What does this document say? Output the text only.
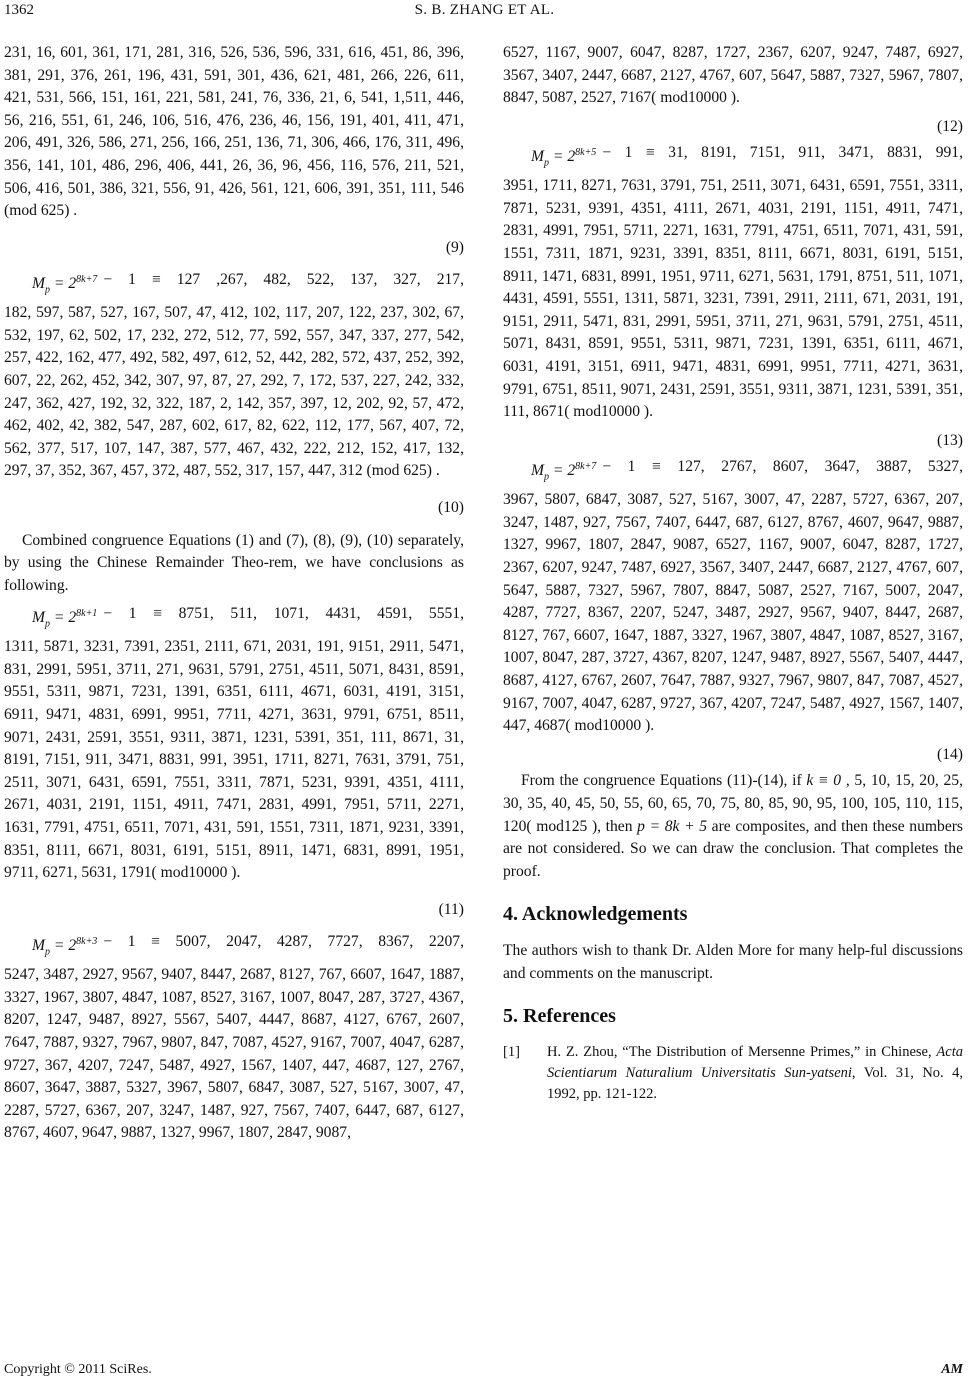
1362	S. B. ZHANG ET AL.

231, 16, 601, 361, 171, 281, 316, 526, 536, 596, 331, 616, 451, 86, 396, 381, 291, 376, 261, 196, 431, 591, 301, 436, 621, 481, 266, 226, 611, 421, 531, 566, 151, 161, 221, 581, 241, 76, 336, 21, 6, 541, 1,511, 446, 56, 216, 551, 61, 246, 106, 516, 476, 236, 46, 156, 191, 401, 411, 471, 206, 491, 326, 586, 271, 256, 166, 251, 136, 71, 306, 466, 176, 311, 496, 356, 141, 101, 486, 296, 406, 441, 26, 36, 96, 456, 116, 576, 211, 521, 506, 416, 501, 386, 321, 556, 91, 426, 561, 121, 606, 391, 351, 111, 546 (mod 625) .

(9)
$M_p = 2^{8k+7} - 1 \equiv 127$ ,267, 482, 522, 137, 327, 217,

182, 597, 587, 527, 167, 507, 47, 412, 102, 117, 207, 122, 237, 302, 67, 532, 197, 62, 502, 17, 232, 272, 512, 77, 592, 557, 347, 337, 277, 542, 257, 422, 162, 477, 492, 582, 497, 612, 52, 442, 282, 572, 437, 252, 392, 607, 22, 262, 452, 342, 307, 97, 87, 27, 292, 7, 172, 537, 227, 242, 332, 247, 362, 427, 192, 32, 322, 187, 2, 142, 357, 397, 12, 202, 92, 57, 472, 462, 402, 42, 382, 547, 287, 602, 617, 82, 622, 112, 177, 567, 407, 72, 562, 377, 517, 107, 147, 387, 577, 467, 432, 222, 212, 152, 417, 132, 297, 37, 352, 367, 457, 372, 487, 552, 317, 157, 447, 312 (mod 625) .

(10)

Combined congruence Equations (1) and (7), (8), (9), (10) separately, by using the Chinese Remainder Theo-rem, we have conclusions as following.

$M_p = 2^{8k+1} - 1 \equiv 8751$, 511, 1071, 4431, 4591, 5551,

1311, 5871, 3231, 7391, 2351, 2111, 671, 2031, 191, 9151, 2911, 5471, 831, 2991, 5951, 3711, 271, 9631, 5791, 2751, 4511, 5071, 8431, 8591, 9551, 5311, 9871, 7231, 1391, 6351, 6111, 4671, 6031, 4191, 3151, 6911, 9471, 4831, 6991, 9951, 7711, 4271, 3631, 9791, 6751, 8511, 9071, 2431, 2591, 3551, 9311, 3871, 1231, 5391, 351, 111, 8671, 31, 8191, 7151, 911, 3471, 8831, 991, 3951, 1711, 8271, 7631, 3791, 751, 2511, 3071, 6431, 6591, 7551, 3311, 7871, 5231, 9391, 4351, 4111, 2671, 4031, 2191, 1151, 4911, 7471, 2831, 4991, 7951, 5711, 2271, 1631, 7791, 4751, 6511, 7071, 431, 591, 1551, 7311, 1871, 9231, 3391, 8351, 8111, 6671, 8031, 6191, 5151, 8911, 1471, 6831, 8991, 1951, 9711, 6271, 5631, 1791( mod10000 ).

(11)
$M_p = 2^{8k+3} - 1 \equiv 5007$, 2047, 4287, 7727, 8367, 2207,

5247, 3487, 2927, 9567, 9407, 8447, 2687, 8127, 767, 6607, 1647, 1887, 3327, 1967, 3807, 4847, 1087, 8527, 3167, 1007, 8047, 287, 3727, 4367, 8207, 1247, 9487, 8927, 5567, 5407, 4447, 8687, 4127, 6767, 2607, 7647, 7887, 9327, 7967, 9807, 847, 7087, 4527, 9167, 7007, 4047, 6287, 9727, 367, 4207, 7247, 5487, 4927, 1567, 1407, 447, 4687, 127, 2767, 8607, 3647, 3887, 5327, 3967, 5807, 6847, 3087, 527, 5167, 3007, 47, 2287, 5727, 6367, 207, 3247, 1487, 927, 7567, 7407, 6447, 687, 6127, 8767, 4607, 9647, 9887, 1327, 9967, 1807, 2847, 9087,

6527, 1167, 9007, 6047, 8287, 1727, 2367, 6207, 9247, 7487, 6927, 3567, 3407, 2447, 6687, 2127, 4767, 607, 5647, 5887, 7327, 5967, 7807, 8847, 5087, 2527, 7167( mod10000 ).

(12)
$M_p = 2^{8k+5} - 1 \equiv 31$, 8191, 7151, 911, 3471, 8831, 991,

3951, 1711, 8271, 7631, 3791, 751, 2511, 3071, 6431, 6591, 7551, 3311, 7871, 5231, 9391, 4351, 4111, 2671, 4031, 2191, 1151, 4911, 7471, 2831, 4991, 7951, 5711, 2271, 1631, 7791, 4751, 6511, 7071, 431, 591, 1551, 7311, 1871, 9231, 3391, 8351, 8111, 6671, 8031, 6191, 5151, 8911, 1471, 6831, 8991, 1951, 9711, 6271, 5631, 1791, 8751, 511, 1071, 4431, 4591, 5551, 1311, 5871, 3231, 7391, 2911, 2111, 671, 2031, 191, 9151, 2911, 5471, 831, 2991, 5951, 3711, 271, 9631, 5791, 2751, 4511, 5071, 8431, 8591, 9551, 5311, 9871, 7231, 1391, 6351, 6111, 4671, 6031, 4191, 3151, 6911, 9471, 4831, 6991, 9951, 7711, 4271, 3631, 9791, 6751, 8511, 9071, 2431, 2591, 3551, 9311, 3871, 1231, 5391, 351, 111, 8671( mod10000 ).

(13)
$M_p = 2^{8k+7} - 1 \equiv 127$, 2767, 8607, 3647, 3887, 5327,

3967, 5807, 6847, 3087, 527, 5167, 3007, 47, 2287, 5727, 6367, 207, 3247, 1487, 927, 7567, 7407, 6447, 687, 6127, 8767, 4607, 9647, 9887, 1327, 9967, 1807, 2847, 9087, 6527, 1167, 9007, 6047, 8287, 1727, 2367, 6207, 9247, 7487, 6927, 3567, 3407, 2447, 6687, 2127, 4767, 607, 5647, 5887, 7327, 5967, 7807, 8847, 5087, 2527, 7167, 5007, 2047, 4287, 7727, 8367, 2207, 5247, 3487, 2927, 9567, 9407, 8447, 2687, 8127, 767, 6607, 1647, 1887, 3327, 1967, 3807, 4847, 1087, 8527, 3167, 1007, 8047, 287, 3727, 4367, 8207, 1247, 9487, 8927, 5567, 5407, 4447, 8687, 4127, 6767, 2607, 7647, 7887, 9327, 7967, 9807, 847, 7087, 4527, 9167, 7007, 4047, 6287, 9727, 367, 4207, 7247, 5487, 4927, 1567, 1407, 447, 4687( mod10000 ).

(14)

From the congruence Equations (11)-(14), if k ≡ 0 , 5, 10, 15, 20, 25, 30, 35, 40, 45, 50, 55, 60, 65, 70, 75, 80, 85, 90, 95, 100, 105, 110, 115, 120( mod125 ), then p = 8k + 5 are composites, and then these numbers are not considered. So we can draw the conclusion. That completes the proof.

4. Acknowledgements

The authors wish to thank Dr. Alden More for many help-ful discussions and comments on the manuscript.

5. References
[1]	H. Z. Zhou, “The Distribution of Mersenne Primes,” in Chinese, Acta Scientiarum Naturalium Universitatis Sun-yatseni, Vol. 31, No. 4, 1992, pp. 121-122.
Copyright © 2011 SciRes.	AM
